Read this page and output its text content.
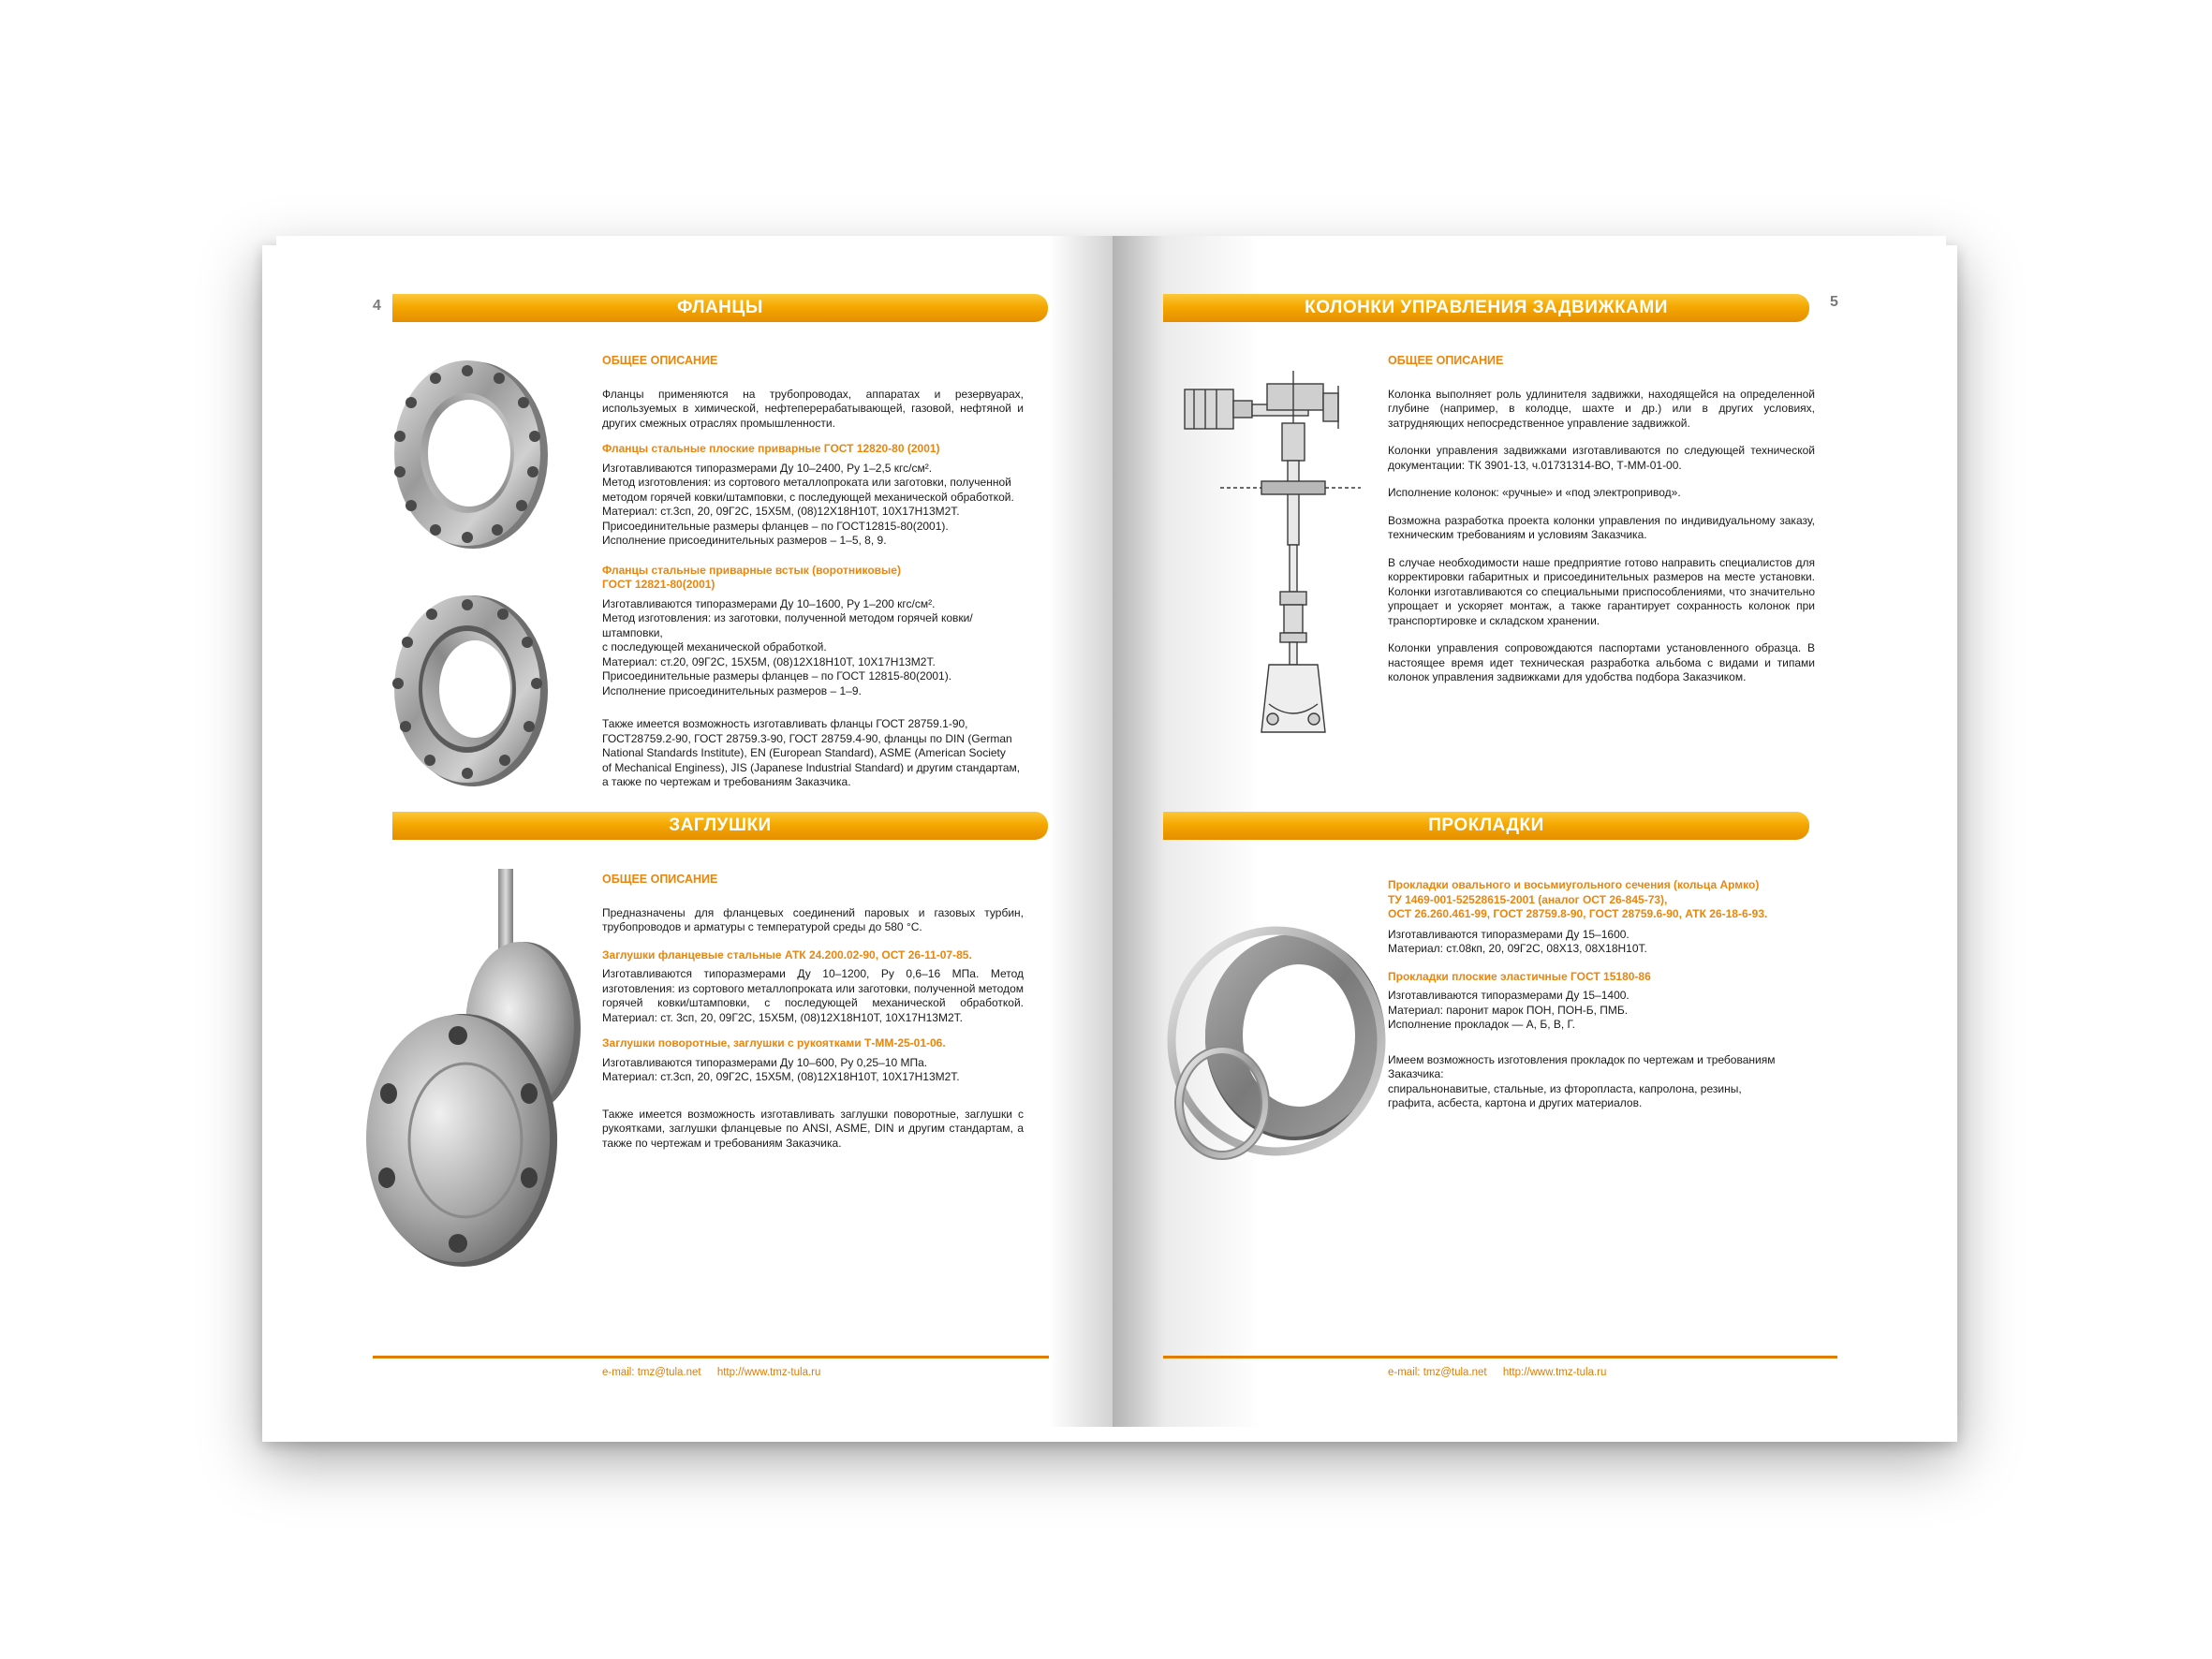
4	ФЛАНЦЫ
ОБЩЕЕ ОПИСАНИЕ

Фланцы применяются на трубопроводах, аппаратах и резервуарах, используемых в химической, нефтеперерабатывающей, газовой, нефтяной и других смежных отраслях промышленности.

Фланцы стальные плоские приварные ГОСТ 12820-80 (2001)
Изготавливаются типоразмерами Ду 10–2400, Ру 1–2,5 кгс/см².
Метод изготовления: из сортового металлопроката или заготовки, полученной
методом горячей ковки/штамповки, с последующей механической обработкой.
Материал: ст.3сп, 20, 09Г2С, 15Х5М, (08)12Х18Н10Т, 10Х17Н13М2Т.
Присоединительные размеры фланцев – по ГОСТ12815-80(2001).
Исполнение присоединительных размеров – 1–5, 8, 9.
Фланцы стальные приварные встык (воротниковые)
ГОСТ 12821-80(2001)
Изготавливаются типоразмерами Ду 10–1600, Ру 1–200 кгс/см².
Метод изготовления: из заготовки, полученной методом горячей ковки/штамповки,
с последующей механической обработкой.
Материал: ст.20, 09Г2С, 15Х5М, (08)12Х18Н10Т, 10Х17Н13М2Т.
Присоединительные размеры фланцев – по ГОСТ 12815-80(2001).
Исполнение присоединительных размеров – 1–9.
Также имеется возможность изготавливать фланцы ГОСТ 28759.1-90,
ГОСТ28759.2-90, ГОСТ 28759.3-90, ГОСТ 28759.4-90, фланцы по DIN (German
National Standards Institute), EN (European Standard), ASME (American Society
of Mechanical Enginess), JIS (Japanese Industrial Standard) и другим стандартам,
а также по чертежам и требованиям Заказчика.
ЗАГЛУШКИ
ОБЩЕЕ ОПИСАНИЕ

Предназначены для фланцевых соединений паровых и газовых турбин, трубопроводов и арматуры с температурой среды до 580 °С.

Заглушки фланцевые стальные АТК 24.200.02-90, ОСТ 26-11-07-85.

Изготавливаются типоразмерами Ду 10–1200, Ру 0,6–16 МПа. Метод изготовления: из сортового металлопроката или заготовки, полученной методом горячей ковки/штамповки, с последующей механической обработкой. Материал: ст. 3сп, 20, 09Г2С, 15Х5М, (08)12Х18Н10Т, 10Х17Н13М2Т.

Заглушки поворотные, заглушки с рукоятками Т-ММ-25-01-06.
Изготавливаются типоразмерами Ду 10–600, Ру 0,25–10 МПа.
Материал: ст.3сп, 20, 09Г2С, 15Х5М, (08)12Х18Н10Т, 10Х17Н13М2Т.

Также имеется возможность изготавливать заглушки поворотные, заглушки с рукоятками, заглушки фланцевые по ANSI, ASME, DIN и другим стандартам, а также по чертежам и требованиям Заказчика.

e-mail: tmz@tula.net http://www.tmz-tula.ru
КОЛОНКИ УПРАВЛЕНИЯ ЗАДВИЖКАМИ	5
ОБЩЕЕ ОПИСАНИЕ

Колонка выполняет роль удлинителя задвижки, находящейся на определенной глубине (например, в колодце, шахте и др.) или в других условиях, затрудняющих непосредственное управление задвижкой.

Колонки управления задвижками изготавливаются по следующей технической документации: ТК 3901-13, ч.01731314-ВО, Т-ММ-01-00.

Исполнение колонок: «ручные» и «под электропривод».

Возможна разработка проекта колонки управления по индивидуальному заказу, техническим требованиям и условиям Заказчика.

В случае необходимости наше предприятие готово направить специалистов для корректировки габаритных и присоединительных размеров на месте установки. Колонки изготавливаются со специальными приспособлениями, что значительно упрощает и ускоряет монтаж, а также гарантирует сохранность колонок при транспортировке и складском хранении.

Колонки управления сопровождаются паспортами установленного образца. В настоящее время идет техническая разработка альбома с видами и типами колонок управления задвижками для удобства подбора Заказчиком.

ПРОКЛАДКИ
Прокладки овального и восьмиугольного сечения (кольца Армко)
ТУ 1469-001-52528615-2001 (аналог ОСТ 26-845-73),
ОСТ 26.260.461-99, ГОСТ 28759.8-90, ГОСТ 28759.6-90, АТК 26-18-6-93.
Изготавливаются типоразмерами Ду 15–1600.
Материал: ст.08кп, 20, 09Г2С, 08Х13, 08Х18Н10Т.
Прокладки плоские эластичные ГОСТ 15180-86
Изготавливаются типоразмерами Ду 15–1400.
Материал: паронит марок ПОН, ПОН-Б, ПМБ.
Исполнение прокладок — А, Б, В, Г.
Имеем возможность изготовления прокладок по чертежам и требованиям Заказчика:
спиральнонавитые, стальные, из фторопласта, капролона, резины,
графита, асбеста, картона и других материалов.
e-mail: tmz@tula.net http://www.tmz-tula.ru
